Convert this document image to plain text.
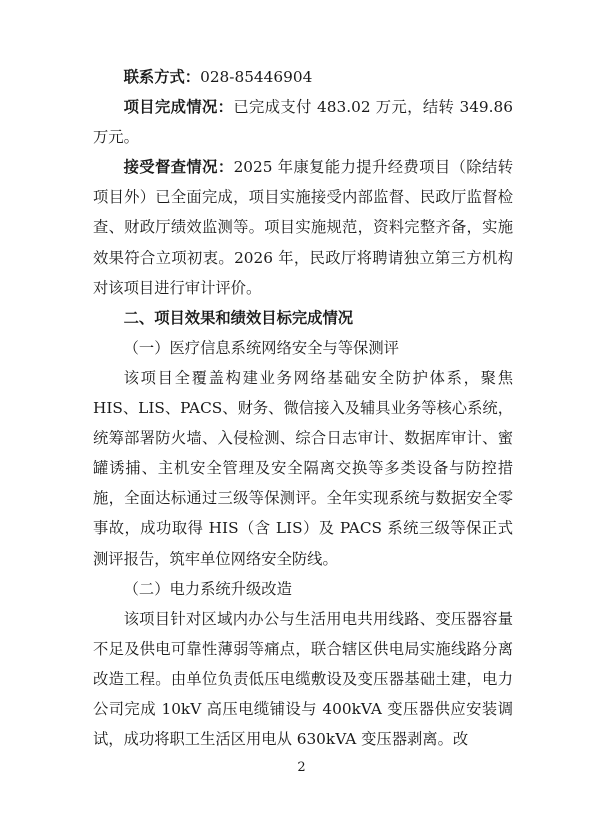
联系方式：028-85446904

项目完成情况：已完成支付 483.02 万元，结转 349.86 万元。

接受督查情况：2025 年康复能力提升经费项目（除结转项目外）已全面完成，项目实施接受内部监督、民政厅监督检查、财政厅绩效监测等。项目实施规范，资料完整齐备，实施效果符合立项初衷。2026 年，民政厅将聘请独立第三方机构对该项目进行审计评价。

二、项目效果和绩效目标完成情况

（一）医疗信息系统网络安全与等保测评

该项目全覆盖构建业务网络基础安全防护体系，聚焦 HIS、LIS、PACS、财务、微信接入及辅具业务等核心系统，统筹部署防火墙、入侵检测、综合日志审计、数据库审计、蜜罐诱捕、主机安全管理及安全隔离交换等多类设备与防控措施，全面达标通过三级等保测评。全年实现系统与数据安全零事故，成功取得 HIS（含 LIS）及 PACS 系统三级等保正式测评报告，筑牢单位网络安全防线。

（二）电力系统升级改造

该项目针对区域内办公与生活用电共用线路、变压器容量不足及供电可靠性薄弱等痛点，联合辖区供电局实施线路分离改造工程。由单位负责低压电缆敷设及变压器基础土建，电力公司完成 10kV 高压电缆铺设与 400kVA 变压器供应安装调试，成功将职工生活区用电从 630kVA 变压器剥离。改

2
